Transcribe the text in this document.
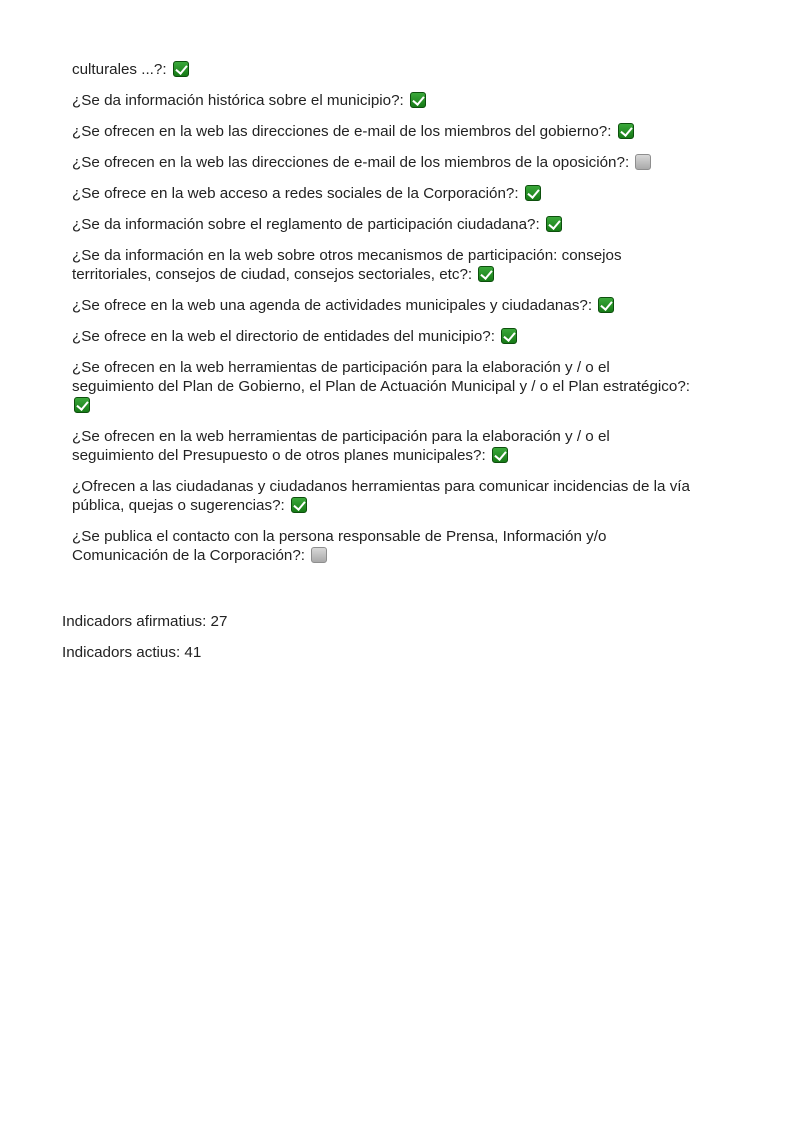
culturales ...?:
¿Se da información histórica sobre el municipio?:
¿Se ofrecen en la web las direcciones de e-mail de los miembros del gobierno?:
¿Se ofrecen en la web las direcciones de e-mail de los miembros de la oposición?:
¿Se ofrece en la web acceso a redes sociales de la Corporación?:
¿Se da información sobre el reglamento de participación ciudadana?:
¿Se da información en la web sobre otros mecanismos de participación: consejos territoriales, consejos de ciudad, consejos sectoriales, etc?:
¿Se ofrece en la web una agenda de actividades municipales y ciudadanas?:
¿Se ofrece en la web el directorio de entidades del municipio?:
¿Se ofrecen en la web herramientas de participación para la elaboración y / o el seguimiento del Plan de Gobierno, el Plan de Actuación Municipal y / o el Plan estratégico?:
¿Se ofrecen en la web herramientas de participación para la elaboración y / o el seguimiento del Presupuesto o de otros planes municipales?:
¿Ofrecen a las ciudadanas y ciudadanos herramientas para comunicar incidencias de la vía pública, quejas o sugerencias?:
¿Se publica el contacto con la persona responsable de Prensa, Información y/o Comunicación de la Corporación?:

Indicadors afirmatius: 27

Indicadors actius: 41
